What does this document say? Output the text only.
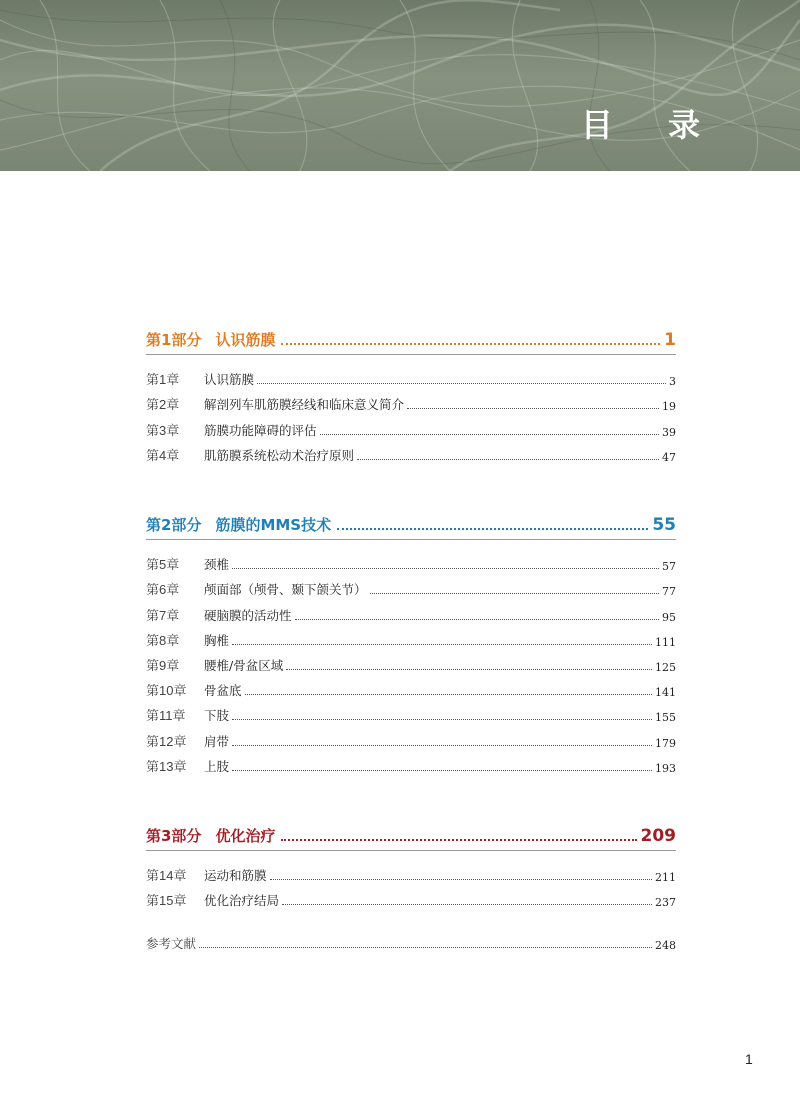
目 录
第1部分 认识筋膜	1
第1章	认识筋膜	3
第2章	解剖列车肌筋膜经线和临床意义简介	19
第3章	筋膜功能障碍的评估	39
第4章	肌筋膜系统松动术治疗原则	47
第2部分 筋膜的MMS技术	55
第5章	颈椎	57
第6章	颅面部（颅骨、颞下颌关节）	77
第7章	硬脑膜的活动性	95
第8章	胸椎	111
第9章	腰椎/骨盆区域	125
第10章	骨盆底	141
第11章	下肢	155
第12章	肩带	179
第13章	上肢	193
第3部分 优化治疗	209
第14章	运动和筋膜	211
第15章	优化治疗结局	237
参考文献	248
1
